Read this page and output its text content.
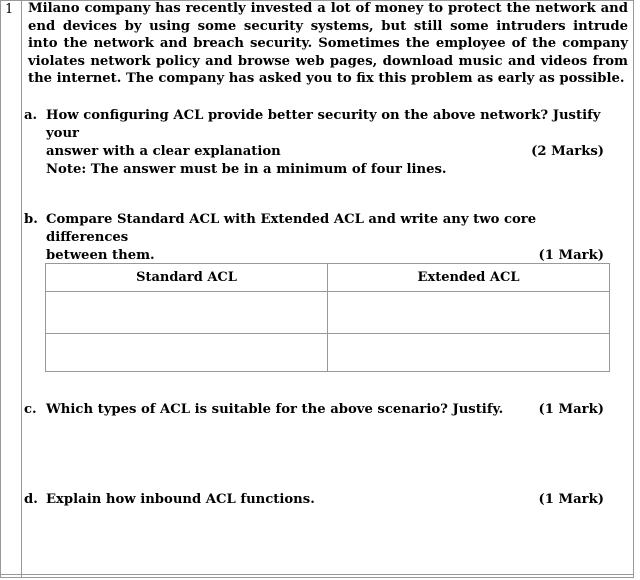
1 Milano company has recently invested a lot of money to protect the network and end devices by using some security systems, but still some intruders intrude into the network and breach security. Sometimes the employee of the company violates network policy and browse web pages, download music and videos from the internet. The company has asked you to fix this problem as early as possible.

a. How configuring ACL provide better security on the above network? Justify your
answer with a clear explanation	(2 Marks)
Note: The answer must be in a minimum of four lines.
b. Compare Standard ACL with Extended ACL and write any two core differences
between them.	(1 Mark)
Standard ACL	Extended ACL

c. Which types of ACL is suitable for the above scenario? Justify.	(1 Mark)
d. Explain how inbound ACL functions.	(1 Mark)
